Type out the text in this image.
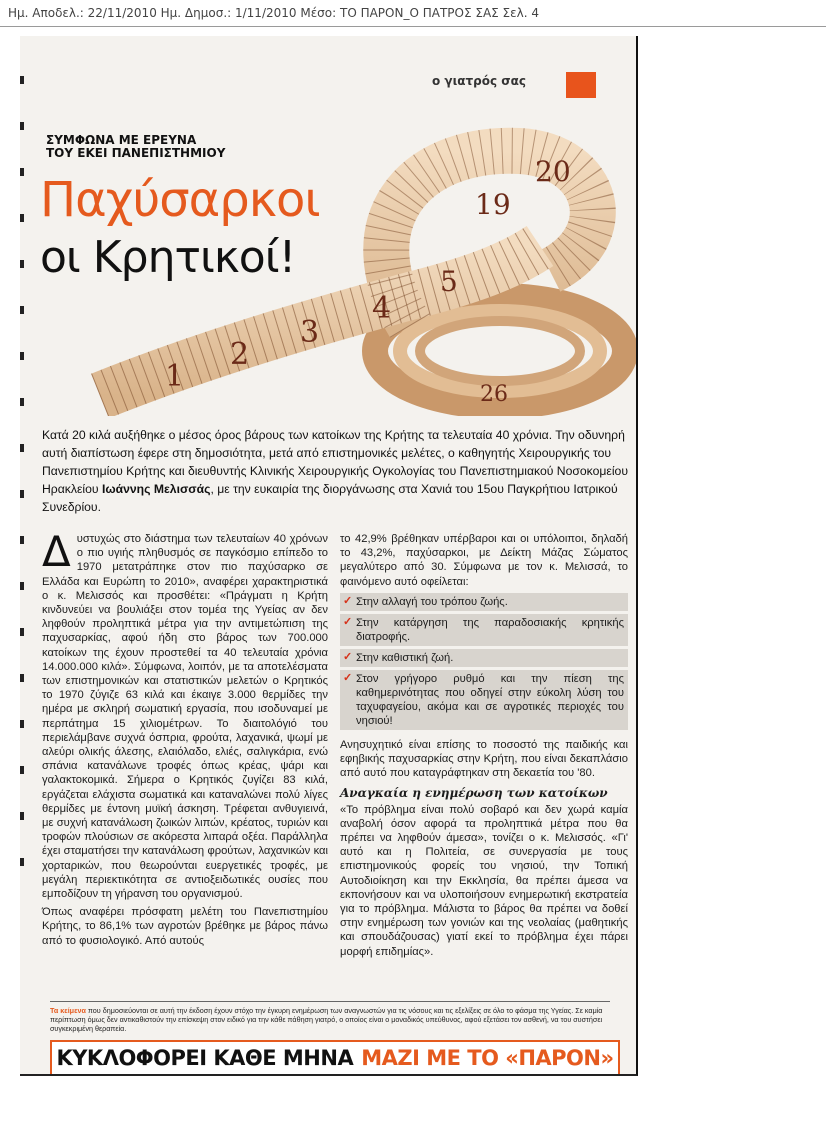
Ημ. Αποδελ.: 22/11/2010 Ημ. Δημοσ.: 1/11/2010 Μέσο: ΤΟ ΠΑΡΟΝ_Ο ΠΑΤΡΟΣ ΣΑΣ Σελ. 4
ο γιατρός σας
1
2
3
4
5
19
20
26
ΣΥΜΦΩΝΑ ΜΕ ΕΡΕΥΝΑ
ΤΟΥ ΕΚΕΙ ΠΑΝΕΠΙΣΤΗΜΙΟΥ
Παχύσαρκοι
οι Κρητικοί!
Κατά 20 κιλά αυξήθηκε ο μέσος όρος βάρους των κατοίκων της Κρήτης τα τελευταία 40 χρόνια. Την οδυνηρή αυτή διαπίστωση έφερε στη δημοσιότητα, μετά από επιστημονικές μελέτες, ο καθηγητής Χειρουργικής του Πανεπιστημίου Κρήτης και διευθυντής Κλινικής Χειρουργικής Ογκολογίας του Πανεπιστημιακού Νοσοκομείου Ηρακλείου Ιωάννης Μελισσάς, με την ευκαιρία της διοργάνωσης στα Χανιά του 15ου Παγκρήτιου Ιατρικού Συνεδρίου.

Δυστυχώς στο διάστημα των τελευταίων 40 χρόνων ο πιο υγιής πληθυσμός σε παγκόσμιο επίπεδο το 1970 μετατράπηκε στον πιο παχύσαρκο σε Ελλάδα και Ευρώπη το 2010», αναφέρει χαρακτηριστικά ο κ. Μελισσός και προσθέτει: «Πράγματι η Κρήτη κινδυνεύει να βουλιάξει στον τομέα της Υγείας αν δεν ληφθούν προληπτικά μέτρα για την αντιμετώπιση της παχυσαρκίας, αφού ήδη στο βάρος των 700.000 κατοίκων της έχουν προστεθεί τα 40 τελευταία χρόνια 14.000.000 κιλά». Σύμφωνα, λοιπόν, με τα αποτελέσματα των επιστημονικών και στατιστικών μελετών ο Κρητικός το 1970 ζύγιζε 63 κιλά και έκαιγε 3.000 θερμίδες την ημέρα με σκληρή σωματική εργασία, που ισοδυναμεί με περπάτημα 15 χιλιομέτρων. Το διαιτολόγιό του περιελάμβανε συχνά όσπρια, φρούτα, λαχανικά, ψωμί με αλεύρι ολικής άλεσης, ελαιόλαδο, ελιές, σαλιγκάρια, ενώ σπάνια κατανάλωνε τροφές όπως κρέας, ψάρι και γαλακτοκομικά. Σήμερα ο Κρητικός ζυγίζει 83 κιλά, εργάζεται ελάχιστα σωματικά και καταναλώνει πολύ λίγες θερμίδες με έντονη μυϊκή άσκηση. Τρέφεται ανθυγιεινά, με συχνή κατανάλωση ζωικών λιπών, κρέατος, τυριών και τροφών πλούσιων σε ακόρεστα λιπαρά οξέα. Παράλληλα έχει σταματήσει την κατανάλωση φρούτων, λαχανικών και χορταρικών, που θεωρούνται ευεργετικές τροφές, με μεγάλη περιεκτικότητα σε αντιοξειδωτικές ουσίες που εμποδίζουν τη γήρανση του οργανισμού.

Όπως αναφέρει πρόσφατη μελέτη του Πανεπιστημίου Κρήτης, το 86,1% των αγροτών βρέθηκε με βάρος πάνω από το φυσιολογικό. Από αυτούς

το 42,9% βρέθηκαν υπέρβαροι και οι υπόλοιποι, δηλαδή το 43,2%, παχύσαρκοι, με Δείκτη Μάζας Σώματος μεγαλύτερο από 30. Σύμφωνα με τον κ. Μελισσά, το φαινόμενο αυτό οφείλεται:

✓ Στην αλλαγή του τρόπου ζωής.
✓ Στην κατάργηση της παραδοσιακής κρητικής διατροφής.
✓ Στην καθιστική ζωή.
✓ Στον γρήγορο ρυθμό και την πίεση της καθημερινότητας που οδηγεί στην εύκολη λύση του ταχυφαγείου, ακόμα και σε αγροτικές περιοχές του νησιού!

Ανησυχητικό είναι επίσης το ποσοστό της παιδικής και εφηβικής παχυσαρκίας στην Κρήτη, που είναι δεκαπλάσιο από αυτό που καταγράφτηκαν στη δεκαετία του '80.

Αναγκαία η ενημέρωση των κατοίκων

«Το πρόβλημα είναι πολύ σοβαρό και δεν χωρά καμία αναβολή όσον αφορά τα προληπτικά μέτρα που θα πρέπει να ληφθούν άμεσα», τονίζει ο κ. Μελισσός. «Γι' αυτό και η Πολιτεία, σε συνεργασία με τους επιστημονικούς φορείς του νησιού, την Τοπική Αυτοδιοίκηση και την Εκκλησία, θα πρέπει άμεσα να εκπονήσουν και να υλοποιήσουν ενημερωτική εκστρατεία για το πρόβλημα. Μάλιστα το βάρος θα πρέπει να δοθεί στην ενημέρωση των γονιών και της νεολαίας (μαθητικής και σπουδάζουσας) γιατί εκεί το πρόβλημα έχει πάρει μορφή επιδημίας».

Τα κείμενα που δημοσιεύονται σε αυτή την έκδοση έχουν στόχο την έγκυρη ενημέρωση των αναγνωστών για τις νόσους και τις εξελίξεις σε όλο το φάσμα της Υγείας. Σε καμία περίπτωση όμως δεν αντικαθιστούν την επίσκεψη στον ειδικό για την κάθε πάθηση γιατρό, ο οποίος είναι ο μοναδικός υπεύθυνος, αφού εξετάσει τον ασθενή, να του συστήσει συγκεκριμένη θεραπεία.
ΚΥΚΛΟΦΟΡΕΙ ΚΑΘΕ ΜΗΝΑ ΜΑΖΙ ΜΕ ΤΟ «ΠΑΡΟΝ»
